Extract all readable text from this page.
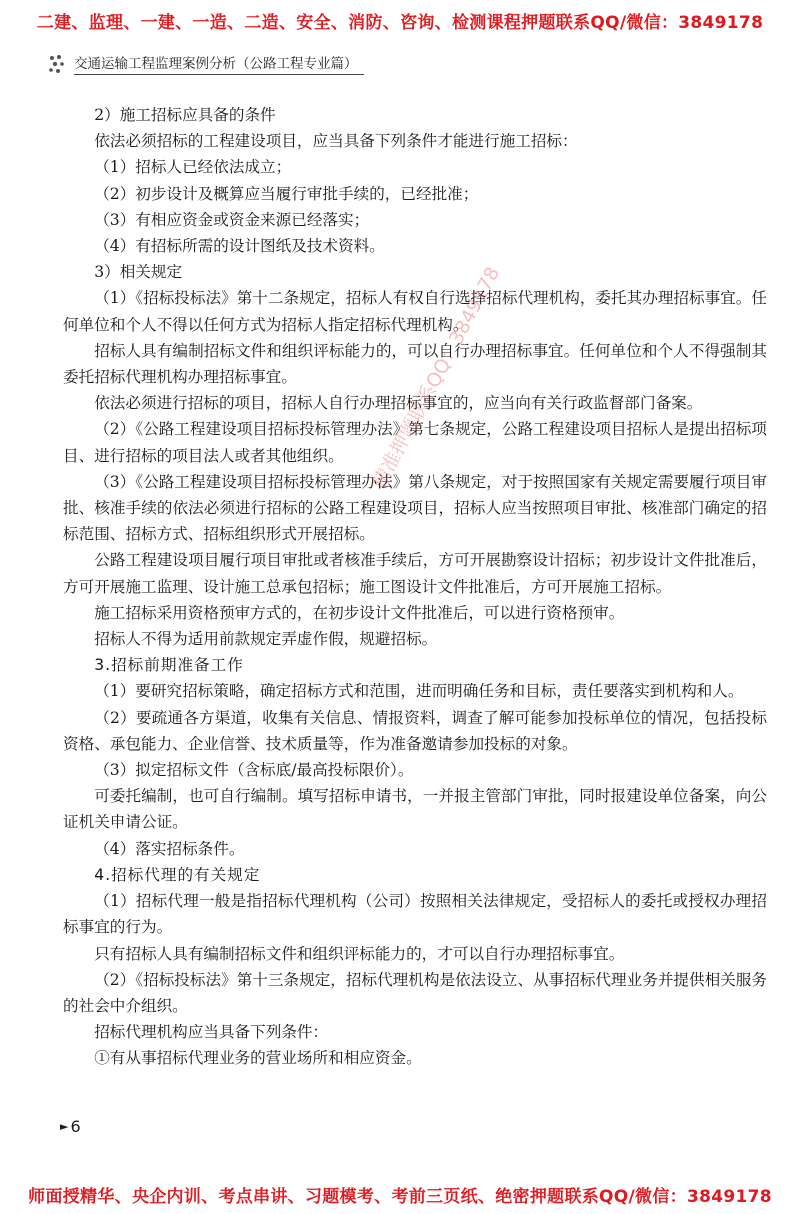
二建、监理、一建、一造、二造、安全、消防、咨询、检测课程押题联系QQ/微信：3849178
交通运输工程监理案例分析（公路工程专业篇）

2）施工招标应具备的条件

依法必须招标的工程建设项目，应当具备下列条件才能进行施工招标：

（1）招标人已经依法成立；

（2）初步设计及概算应当履行审批手续的，已经批准；

（3）有相应资金或资金来源已经落实；

（4）有招标所需的设计图纸及技术资料。

3）相关规定

（1）《招标投标法》第十二条规定，招标人有权自行选择招标代理机构，委托其办理招标事宜。任何单位和个人不得以任何方式为招标人指定招标代理机构。

招标人具有编制招标文件和组织评标能力的，可以自行办理招标事宜。任何单位和个人不得强制其委托招标代理机构办理招标事宜。

依法必须进行招标的项目，招标人自行办理招标事宜的，应当向有关行政监督部门备案。

（2）《公路工程建设项目招标投标管理办法》第七条规定，公路工程建设项目招标人是提出招标项目、进行招标的项目法人或者其他组织。

（3）《公路工程建设项目招标投标管理办法》第八条规定，对于按照国家有关规定需要履行项目审批、核准手续的依法必须进行招标的公路工程建设项目，招标人应当按照项目审批、核准部门确定的招标范围、招标方式、招标组织形式开展招标。

公路工程建设项目履行项目审批或者核准手续后，方可开展勘察设计招标；初步设计文件批准后，方可开展施工监理、设计施工总承包招标；施工图设计文件批准后，方可开展施工招标。

施工招标采用资格预审方式的，在初步设计文件批准后，可以进行资格预审。

招标人不得为适用前款规定弄虚作假，规避招标。

3.招标前期准备工作

（1）要研究招标策略，确定招标方式和范围，进而明确任务和目标，责任要落实到机构和人。

（2）要疏通各方渠道，收集有关信息、情报资料，调查了解可能参加投标单位的情况，包括投标资格、承包能力、企业信誉、技术质量等，作为准备邀请参加投标的对象。

（3）拟定招标文件（含标底/最高投标限价）。

可委托编制，也可自行编制。填写招标申请书，一并报主管部门审批，同时报建设单位备案，向公证机关申请公证。

（4）落实招标条件。

4.招标代理的有关规定

（1）招标代理一般是指招标代理机构（公司）按照相关法律规定，受招标人的委托或授权办理招标事宜的行为。

只有招标人具有编制招标文件和组织评标能力的，才可以自行办理招标事宜。

（2）《招标投标法》第十三条规定，招标代理机构是依法设立、从事招标代理业务并提供相关服务的社会中介组织。

招标代理机构应当具备下列条件：

①有从事招标代理业务的营业场所和相应资金。

精准押题联系QQ：3849178
► 6
师面授精华、央企内训、考点串讲、习题模考、考前三页纸、绝密押题联系QQ/微信：3849178
